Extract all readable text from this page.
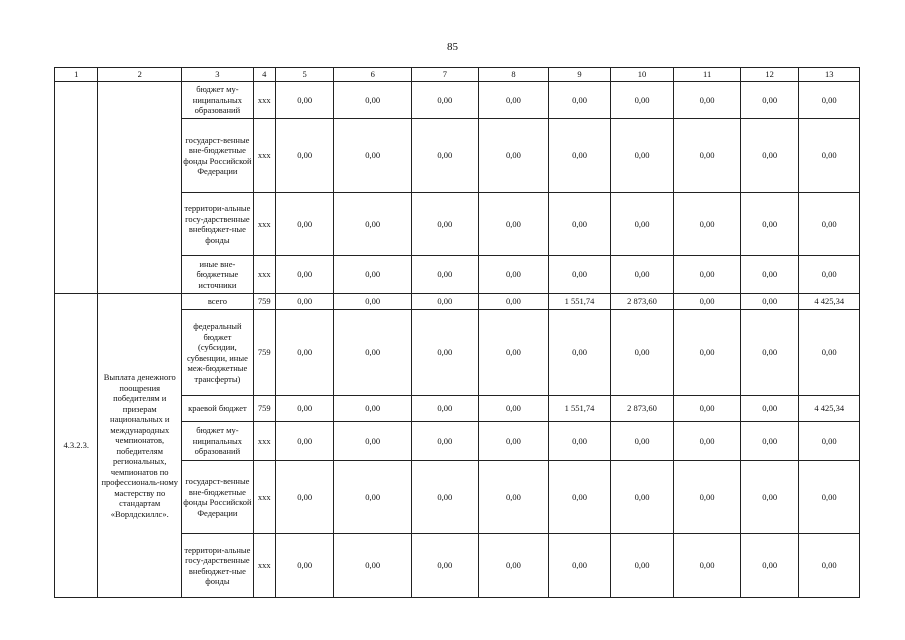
85
1	2	3	4	5	6	7	8	9	10	11	12	13
		бюджет му-ниципальных образований	ххх	0,00	0,00	0,00	0,00	0,00	0,00	0,00	0,00	0,00
		государст-венные вне-бюджетные фонды Российской Федерации	ххх	0,00	0,00	0,00	0,00	0,00	0,00	0,00	0,00	0,00
		территори-альные госу-дарственные внебюджет-ные фонды	ххх	0,00	0,00	0,00	0,00	0,00	0,00	0,00	0,00	0,00
		иные вне-бюджетные источники	ххх	0,00	0,00	0,00	0,00	0,00	0,00	0,00	0,00	0,00
4.3.2.3.	Выплата денежного поощрения победителям и призерам национальных и международных чемпионатов, победителям региональных, чемпионатов по профессиональ-ному мастерству по стандартам «Ворлдскиллс».	всего	759	0,00	0,00	0,00	0,00	1 551,74	2 873,60	0,00	0,00	4 425,34
		федеральный бюджет (субсидии, субвенции, иные меж-бюджетные трансферты)	759	0,00	0,00	0,00	0,00	0,00	0,00	0,00	0,00	0,00
		краевой бюджет	759	0,00	0,00	0,00	0,00	1 551,74	2 873,60	0,00	0,00	4 425,34
		бюджет му-ниципальных образований	ххх	0,00	0,00	0,00	0,00	0,00	0,00	0,00	0,00	0,00
		государст-венные вне-бюджетные фонды Российской Федерации	ххх	0,00	0,00	0,00	0,00	0,00	0,00	0,00	0,00	0,00
		территори-альные госу-дарственные внебюджет-ные фонды	ххх	0,00	0,00	0,00	0,00	0,00	0,00	0,00	0,00	0,00
